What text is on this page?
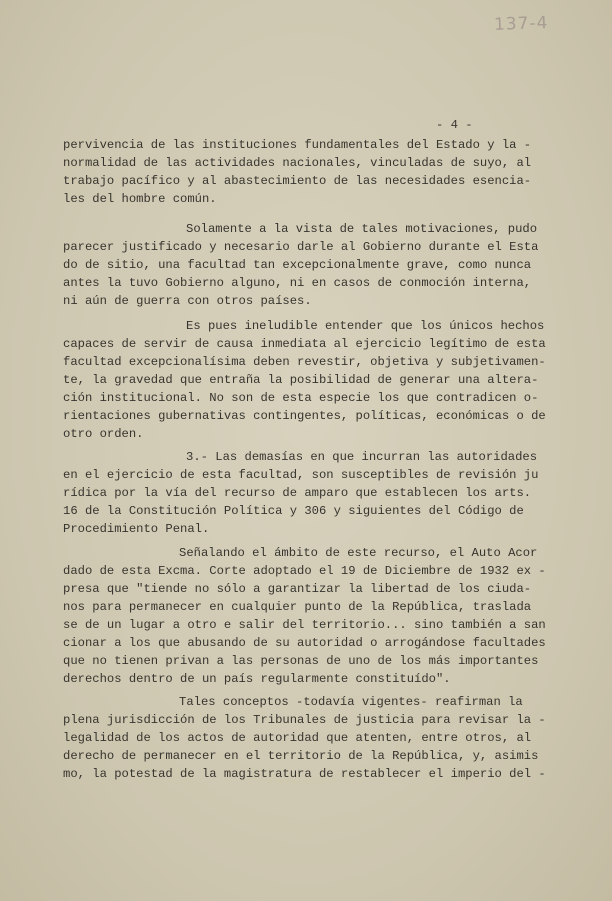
137-4
- 4 -
pervivencia de las instituciones fundamentales del Estado y la -
normalidad de las actividades nacionales, vinculadas de suyo, al
trabajo pacífico y al abastecimiento de las necesidades esencia-
les del hombre común.
Solamente a la vista de tales motivaciones, pudo
parecer justificado y necesario darle al Gobierno durante el Esta
do de sitio, una facultad tan excepcionalmente grave, como nunca
antes la tuvo Gobierno alguno, ni en casos de conmoción interna,
ni aún de guerra con otros países.
Es pues ineludible entender que los únicos hechos
capaces de servir de causa inmediata al ejercicio legítimo de esta
facultad excepcionalísima deben revestir, objetiva y subjetivamen-
te, la gravedad que entraña la posibilidad de generar una altera-
ción institucional. No son de esta especie los que contradicen o-
rientaciones gubernativas contingentes, políticas, económicas o de
otro orden.
3.- Las demasías en que incurran las autoridades
en el ejercicio de esta facultad, son susceptibles de revisión ju
rídica por la vía del recurso de amparo que establecen los arts.
16 de la Constitución Política y 306 y siguientes del Código de
Procedimiento Penal.
Señalando el ámbito de este recurso, el Auto Acor
dado de esta Excma. Corte adoptado el 19 de Diciembre de 1932 ex -
presa que "tiende no sólo a garantizar la libertad de los ciuda-
nos para permanecer en cualquier punto de la República, traslada
se de un lugar a otro e salir del territorio... sino también a san
cionar a los que abusando de su autoridad o arrogándose facultades
que no tienen privan a las personas de uno de los más importantes
derechos dentro de un país regularmente constituído".
Tales conceptos -todavía vigentes- reafirman la
plena jurisdicción de los Tribunales de justicia para revisar la -
legalidad de los actos de autoridad que atenten, entre otros, al
derecho de permanecer en el territorio de la República, y, asimis
mo, la potestad de la magistratura de restablecer el imperio del -
